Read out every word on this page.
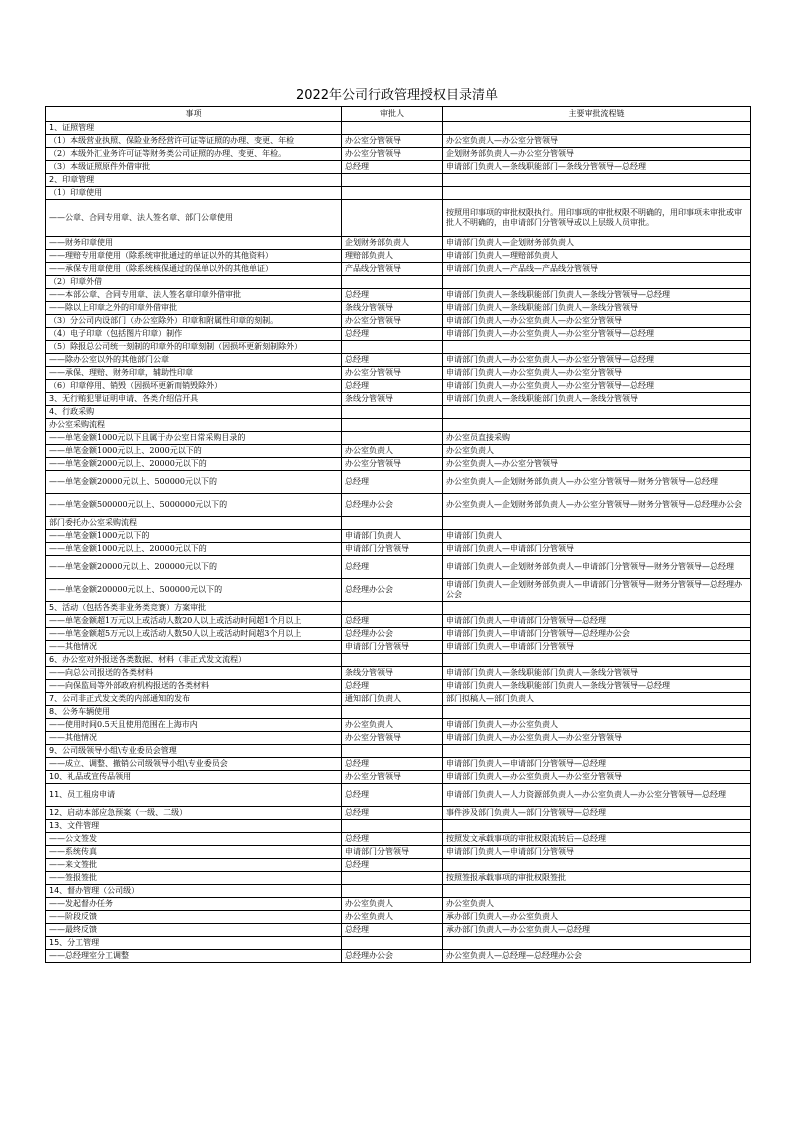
2022年公司行政管理授权目录清单
事项	审批人	主要审批流程链
1、证照管理		
（1）本级营业执照、保险业务经营许可证等证照的办理、变更、年检	办公室分管领导	办公室负责人—办公室分管领导
（2）本级外汇业务许可证等财务类公司证照的办理、变更、年检。	办公室分管领导	企划财务部负责人—办公室分管领导
（3）本级证照原件外借审批	总经理	申请部门负责人—条线职能部门—条线分管领导—总经理
2、印章管理		
（1）印章使用		
——公章、合同专用章、法人签名章、部门公章使用		按照用印事项的审批权限执行。用印事项的审批权限不明确的，用印事项未审批或审批人不明确的，由申请部门分管领导或以上层级人员审批。
——财务印章使用	企划财务部负责人	申请部门负责人—企划财务部负责人
——理赔专用章使用（除系统审批通过的单证以外的其他资料）	理赔部负责人	申请部门负责人—理赔部负责人
——承保专用章使用（除系统核保通过的保单以外的其他单证）	产品线分管领导	申请部门负责人—产品线—产品线分管领导
（2）印章外借		
——本部公章、合同专用章、法人签名章印章外借审批	总经理	申请部门负责人—条线职能部门负责人—条线分管领导—总经理
——除以上印章之外的印章外借审批	条线分管领导	申请部门负责人—条线职能部门负责人—条线分管领导
（3）分公司内设部门（办公室除外）印章和附属性印章的刻制。	办公室分管领导	申请部门负责人—办公室负责人—办公室分管领导
（4）电子印章（包括图片印章）制作	总经理	申请部门负责人—办公室负责人—办公室分管领导—总经理
（5）除报总公司统一刻制的印章外的印章刻制（因损坏更新刻制除外）		
——除办公室以外的其他部门公章	总经理	申请部门负责人—办公室负责人—办公室分管领导—总经理
——承保、理赔、财务印章，辅助性印章	办公室分管领导	申请部门负责人—办公室负责人—办公室分管领导
（6）印章停用、销毁（因损坏更新而销毁除外）	总经理	申请部门负责人—办公室负责人—办公室分管领导—总经理
3、无行贿犯罪证明申请、各类介绍信开具	条线分管领导	申请部门负责人—条线职能部门负责人—条线分管领导
4、行政采购		
办公室采购流程		
——单笔金额1000元以下且属于办公室日常采购目录的		办公室员直接采购
——单笔金额1000元以上、2000元以下的	办公室负责人	办公室负责人
——单笔金额2000元以上、20000元以下的	办公室分管领导	办公室负责人—办公室分管领导
——单笔金额20000元以上、500000元以下的	总经理	办公室负责人—企划财务部负责人—办公室分管领导—财务分管领导—总经理
——单笔金额500000元以上、5000000元以下的	总经理办公会	办公室负责人—企划财务部负责人—办公室分管领导—财务分管领导—总经理办公会
部门委托办公室采购流程		
——单笔金额1000元以下的	申请部门负责人	申请部门负责人
——单笔金额1000元以上、20000元以下的	申请部门分管领导	申请部门负责人—申请部门分管领导
——单笔金额20000元以上、200000元以下的	总经理	申请部门负责人—企划财务部负责人—申请部门分管领导—财务分管领导—总经理
——单笔金额200000元以上、500000元以下的	总经理办公会	申请部门负责人—企划财务部负责人—申请部门分管领导—财务分管领导—总经理办公会
5、活动（包括各类非业务类竞赛）方案审批		
——单笔金额超1万元以上或活动人数20人以上或活动时间超1个月以上	总经理	申请部门负责人—申请部门分管领导—总经理
——单笔金额超5万元以上或活动人数50人以上或活动时间超3个月以上	总经理办公会	申请部门负责人—申请部门分管领导—总经理办公会
——其他情况	申请部门分管领导	申请部门负责人—申请部门分管领导
6、办公室对外报送各类数据、材料（非正式发文流程）		
——向总公司报送的各类材料	条线分管领导	申请部门负责人—条线职能部门负责人—条线分管领导
——向保监局等外部政府机构报送的各类材料	总经理	申请部门负责人—条线职能部门负责人—条线分管领导—总经理
7、公司非正式发文类的内部通知的发布	通知部门负责人	部门拟稿人—部门负责人
8、公务车辆使用		
——使用时间0.5天且使用范围在上海市内	办公室负责人	申请部门负责人—办公室负责人
——其他情况	办公室分管领导	申请部门负责人—办公室负责人—办公室分管领导
9、公司级领导小组\专业委员会管理		
——成立、调整、撤销公司级领导小组\专业委员会	总经理	申请部门负责人—申请部门分管领导—总经理
10、礼品或宣传品领用	办公室分管领导	申请部门负责人—办公室负责人—办公室分管领导
11、员工租房申请	总经理	申请部门负责人—人力资源部负责人—办公室负责人—办公室分管领导—总经理
12、启动本部应急预案（一级、二级）	总经理	事件涉及部门负责人—部门分管领导—总经理
13、文件管理		
——公文签发	总经理	按照发文承载事项的审批权限流转后—总经理
——系统传真	申请部门分管领导	申请部门负责人—申请部门分管领导
——来文签批	总经理	
——签报签批		按照签报承载事项的审批权限签批
14、督办管理（公司级）		
——发起督办任务	办公室负责人	办公室负责人
——阶段反馈	办公室负责人	承办部门负责人—办公室负责人
——最终反馈	总经理	承办部门负责人—办公室负责人—总经理
15、分工管理		
——总经理室分工调整	总经理办公会	办公室负责人—总经理—总经理办公会
